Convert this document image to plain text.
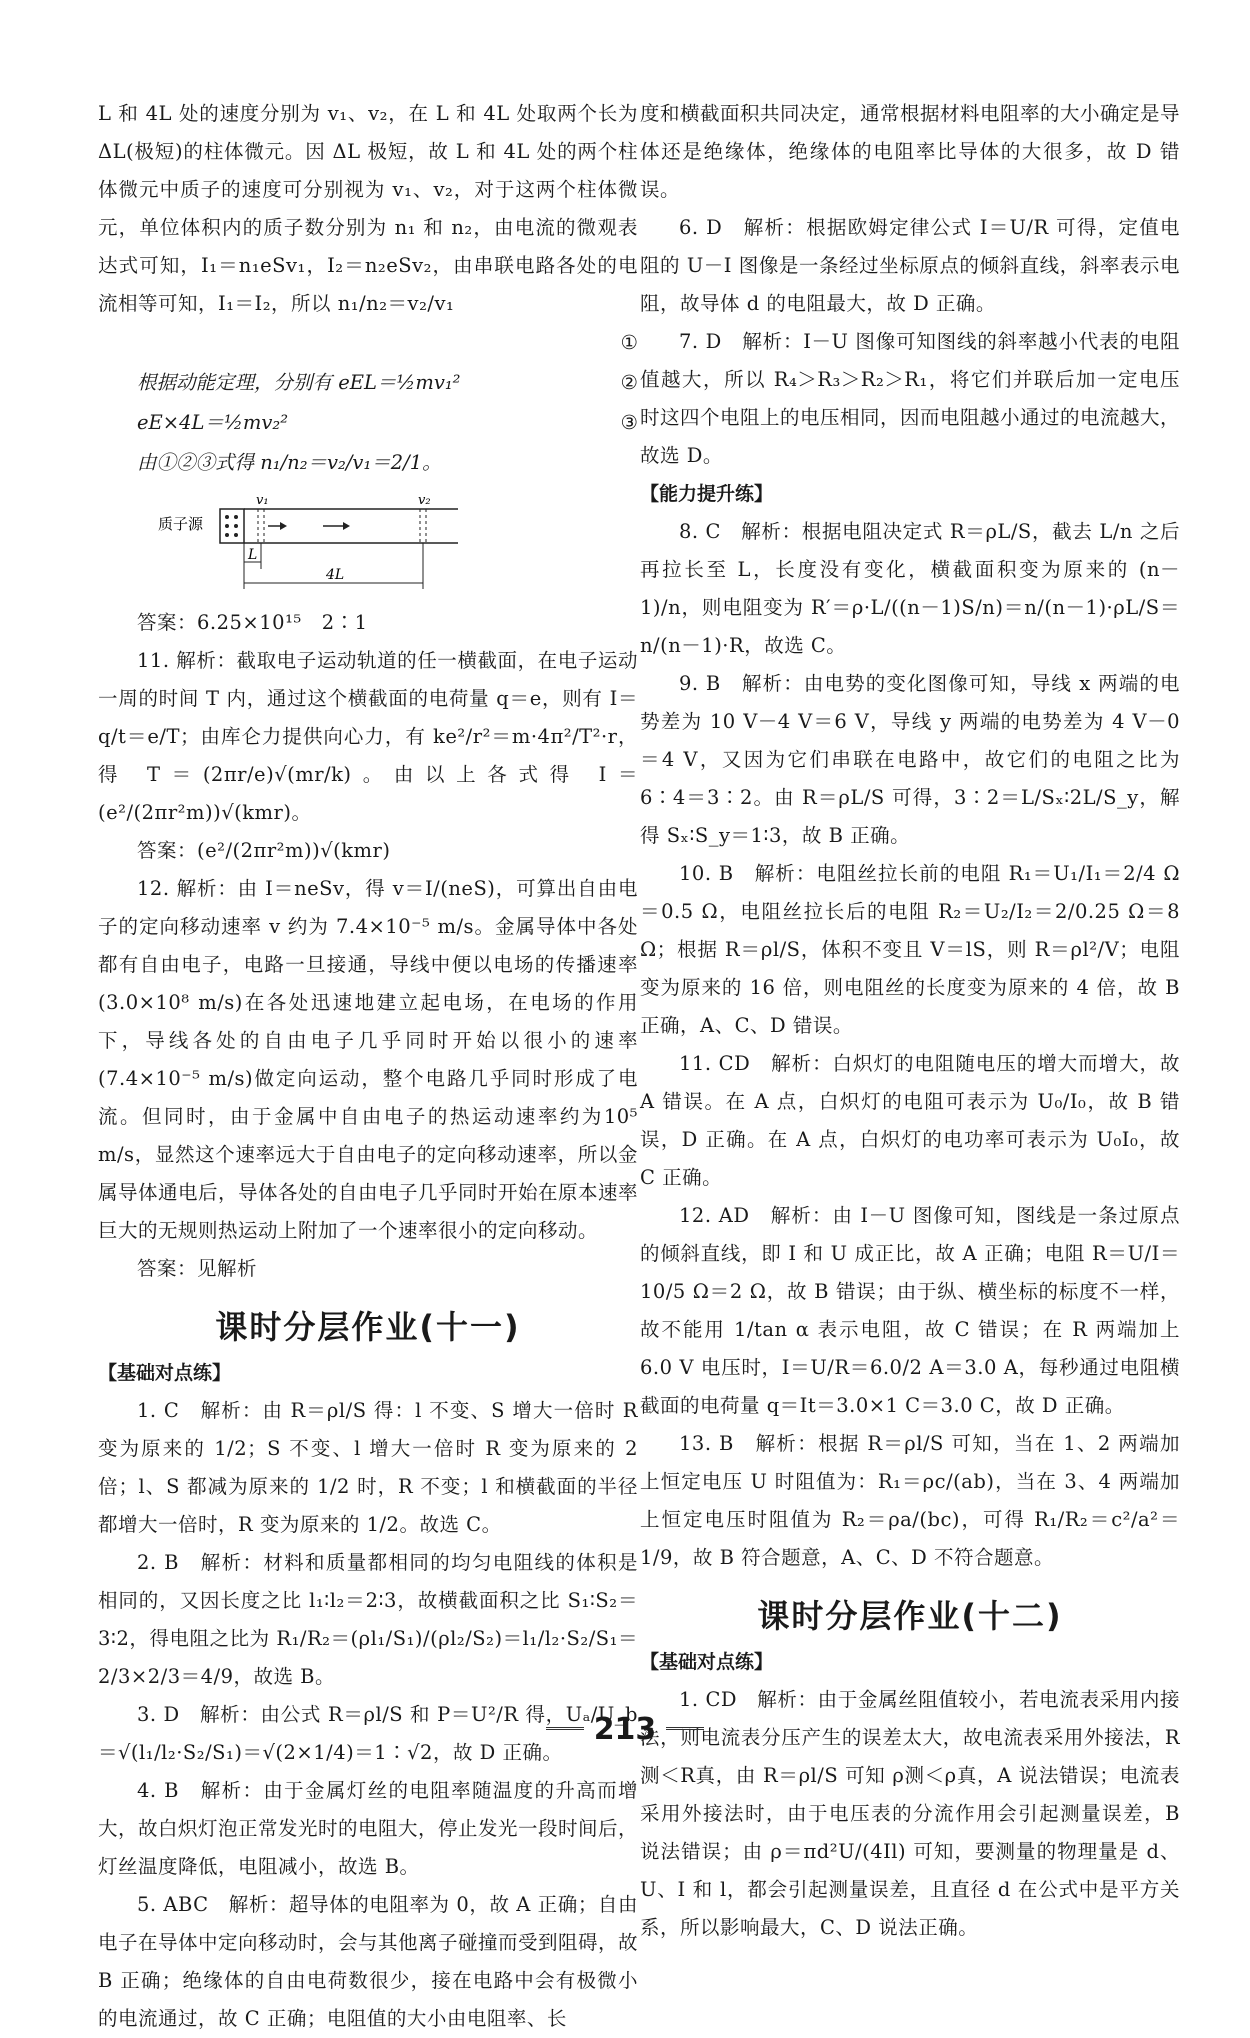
L 和 4L 处的速度分别为 v₁、v₂，在 L 和 4L 处取两个长为 ΔL(极短)的柱体微元。因 ΔL 极短，故 L 和 4L 处的两个柱体微元中质子的速度可分别视为 v₁、v₂，对于这两个柱体微元，单位体积内的质子数分别为 n₁ 和 n₂，由电流的微观表达式可知，I₁＝n₁eSv₁，I₂＝n₂eSv₂，由串联电路各处的电流相等可知，I₁＝I₂，所以 n₁/n₂＝v₂/v₁

①
根据动能定理，分别有 eEL＝½mv₁²	②
eE×4L＝½mv₂²	③
由①②③式得 n₁/n₂＝v₂/v₁＝2/1。
质子源
v₁	v₂
L
4L

答案：6.25×10¹⁵　2∶1

11. 解析：截取电子运动轨道的任一横截面，在电子运动一周的时间 T 内，通过这个横截面的电荷量 q＝e，则有 I＝q/t＝e/T；由库仑力提供向心力，有 ke²/r²＝m·4π²/T²·r，得 T＝(2πr/e)√(mr/k)。由以上各式得 I＝(e²/(2πr²m))√(kmr)。

答案：(e²/(2πr²m))√(kmr)

12. 解析：由 I＝neSv，得 v＝I/(neS)，可算出自由电子的定向移动速率 v 约为 7.4×10⁻⁵ m/s。金属导体中各处都有自由电子，电路一旦接通，导线中便以电场的传播速率(3.0×10⁸ m/s)在各处迅速地建立起电场，在电场的作用下，导线各处的自由电子几乎同时开始以很小的速率(7.4×10⁻⁵ m/s)做定向运动，整个电路几乎同时形成了电流。但同时，由于金属中自由电子的热运动速率约为10⁵ m/s，显然这个速率远大于自由电子的定向移动速率，所以金属导体通电后，导体各处的自由电子几乎同时开始在原本速率巨大的无规则热运动上附加了一个速率很小的定向移动。

答案：见解析

课时分层作业(十一)
【基础对点练】

1. C　解析：由 R＝ρl/S 得：l 不变、S 增大一倍时 R 变为原来的 1/2；S 不变、l 增大一倍时 R 变为原来的 2 倍；l、S 都减为原来的 1/2 时，R 不变；l 和横截面的半径都增大一倍时，R 变为原来的 1/2。故选 C。

2. B　解析：材料和质量都相同的均匀电阻线的体积是相同的，又因长度之比 l₁∶l₂＝2∶3，故横截面积之比 S₁∶S₂＝3∶2，得电阻之比为 R₁/R₂＝(ρl₁/S₁)/(ρl₂/S₂)＝l₁/l₂·S₂/S₁＝2/3×2/3＝4/9，故选 B。

3. D　解析：由公式 R＝ρl/S 和 P＝U²/R 得，Uₐ/U_b＝√(l₁/l₂·S₂/S₁)＝√(2×1/4)＝1∶√2，故 D 正确。

4. B　解析：由于金属灯丝的电阻率随温度的升高而增大，故白炽灯泡正常发光时的电阻大，停止发光一段时间后，灯丝温度降低，电阻减小，故选 B。

5. ABC　解析：超导体的电阻率为 0，故 A 正确；自由电子在导体中定向移动时，会与其他离子碰撞而受到阻碍，故 B 正确；绝缘体的自由电荷数很少，接在电路中会有极微小的电流通过，故 C 正确；电阻值的大小由电阻率、长

度和横截面积共同决定，通常根据材料电阻率的大小确定是导体还是绝缘体，绝缘体的电阻率比导体的大很多，故 D 错误。

6. D　解析：根据欧姆定律公式 I＝U/R 可得，定值电阻的 U－I 图像是一条经过坐标原点的倾斜直线，斜率表示电阻，故导体 d 的电阻最大，故 D 正确。

7. D　解析：I－U 图像可知图线的斜率越小代表的电阻值越大，所以 R₄＞R₃＞R₂＞R₁，将它们并联后加一定电压时这四个电阻上的电压相同，因而电阻越小通过的电流越大，故选 D。

【能力提升练】

8. C　解析：根据电阻决定式 R＝ρL/S，截去 L/n 之后再拉长至 L，长度没有变化，横截面积变为原来的 (n－1)/n，则电阻变为 R′＝ρ·L/((n－1)S/n)＝n/(n－1)·ρL/S＝n/(n－1)·R，故选 C。

9. B　解析：由电势的变化图像可知，导线 x 两端的电势差为 10 V－4 V＝6 V，导线 y 两端的电势差为 4 V－0＝4 V，又因为它们串联在电路中，故它们的电阻之比为 6∶4＝3∶2。由 R＝ρL/S 可得，3∶2＝L/Sₓ∶2L/S_y，解得 Sₓ∶S_y＝1∶3，故 B 正确。

10. B　解析：电阻丝拉长前的电阻 R₁＝U₁/I₁＝2/4 Ω＝0.5 Ω，电阻丝拉长后的电阻 R₂＝U₂/I₂＝2/0.25 Ω＝8 Ω；根据 R＝ρl/S，体积不变且 V＝lS，则 R＝ρl²/V；电阻变为原来的 16 倍，则电阻丝的长度变为原来的 4 倍，故 B 正确，A、C、D 错误。

11. CD　解析：白炽灯的电阻随电压的增大而增大，故 A 错误。在 A 点，白炽灯的电阻可表示为 U₀/I₀，故 B 错误，D 正确。在 A 点，白炽灯的电功率可表示为 U₀I₀，故 C 正确。

12. AD　解析：由 I－U 图像可知，图线是一条过原点的倾斜直线，即 I 和 U 成正比，故 A 正确；电阻 R＝U/I＝10/5 Ω＝2 Ω，故 B 错误；由于纵、横坐标的标度不一样，故不能用 1/tan α 表示电阻，故 C 错误；在 R 两端加上 6.0 V 电压时，I＝U/R＝6.0/2 A＝3.0 A，每秒通过电阻横截面的电荷量 q＝It＝3.0×1 C＝3.0 C，故 D 正确。

13. B　解析：根据 R＝ρl/S 可知，当在 1、2 两端加上恒定电压 U 时阻值为：R₁＝ρc/(ab)，当在 3、4 两端加上恒定电压时阻值为 R₂＝ρa/(bc)，可得 R₁/R₂＝c²/a²＝1/9，故 B 符合题意，A、C、D 不符合题意。

课时分层作业(十二)
【基础对点练】

1. CD　解析：由于金属丝阻值较小，若电流表采用内接法，则电流表分压产生的误差太大，故电流表采用外接法，R测＜R真，由 R＝ρl/S 可知 ρ测＜ρ真，A 说法错误；电流表采用外接法时，由于电压表的分流作用会引起测量误差，B 说法错误；由 ρ＝πd²U/(4Il) 可知，要测量的物理量是 d、U、I 和 l，都会引起测量误差，且直径 d 在公式中是平方关系，所以影响最大，C、D 说法正确。

213
